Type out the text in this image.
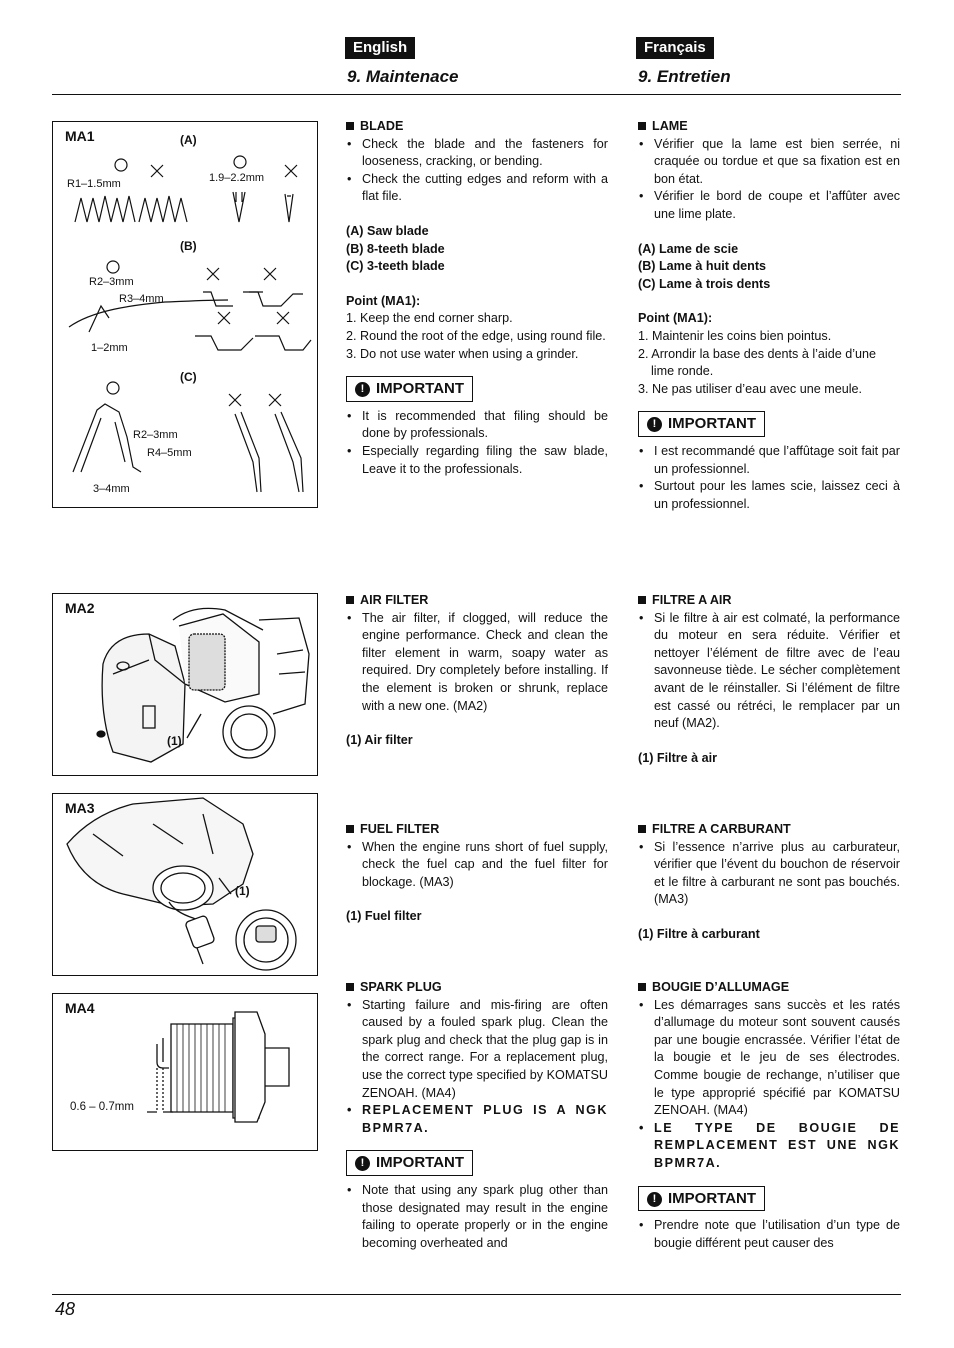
English	Français
9. Maintenace	9. Entretien
MA1	(A)
R1–1.5mm	1.9–2.2mm
(B)
R2–3mm
R3–4mm
1–2mm
(C)
R2–3mm
R4–5mm
3–4mm
MA2
(1)
MA3
(1)
MA4
0.6 – 0.7mm

BLADE

• Check the blade and the fasteners for looseness, cracking, or bending.
• Check the cutting edges and reform with a flat file.

(A) Saw blade

(B) 8-teeth blade

(C) 3-teeth blade

Point (MA1):

1. Keep the end corner sharp.

2. Round the root of the edge, using round file.

3. Do not use water when using a grinder.

! IMPORTANT
• It is recommended that filing should be done by professionals.
• Especially regarding filing the saw blade, Leave it to the professionals.

LAME

• Vérifier que la lame est bien serrée, ni craquée ou tordue et que sa fixation est en bon état.
• Vérifier le bord de coupe et l’affûter avec une lime plate.

(A) Lame de scie

(B) Lame à huit dents

(C) Lame à trois dents

Point (MA1):

1. Maintenir les coins bien pointus.

2. Arrondir la base des dents à l’aide d’une lime ronde.

3. Ne pas utiliser d’eau avec une meule.

! IMPORTANT
• I est recommandé que l’affûtage soit fait par un professionnel.
• Surtout pour les lames scie, laissez ceci à un professionnel.

AIR FILTER

• The air filter, if clogged, will reduce the engine performance. Check and clean the filter element in warm, soapy water as required. Dry completely before installing. If the element is broken or shrunk, replace with a new one. (MA2)

(1) Air filter

FILTRE A AIR

• Si le filtre à air est colmaté, la performance du moteur en sera réduite. Vérifier et nettoyer l’élément de filtre avec de l’eau savonneuse tiède. Le sécher complètement avant de le réinstaller. Si l’élément de filtre est cassé ou rétréci, le remplacer par un neuf (MA2).

(1) Filtre à air

FUEL FILTER

• When the engine runs short of fuel supply, check the fuel cap and the fuel filter for blockage. (MA3)

(1) Fuel filter

FILTRE A CARBURANT

• Si l’essence n’arrive plus au carburateur, vérifier que l’évent du bouchon de réservoir et le filtre à carburant ne sont pas bouchés. (MA3)

(1) Filtre à carburant

SPARK PLUG

• Starting failure and mis-firing are often caused by a fouled spark plug. Clean the spark plug and check that the plug gap is in the correct range. For a replacement plug, use the correct type specified by KOMATSU ZENOAH. (MA4)
• REPLACEMENT PLUG IS A NGK BPMR7A.
! IMPORTANT
• Note that using any spark plug other than those designated may result in the engine failing to operate properly or in the engine becoming overheated and

BOUGIE D’ALLUMAGE

• Les démarrages sans succès et les ratés d’allumage du moteur sont souvent causés par une bougie encrassée. Vérifier l’état de la bougie et le jeu de ses électrodes. Comme bougie de rechange, n’utiliser que le type approprié spécifié par KOMATSU ZENOAH. (MA4)
• LE TYPE DE BOUGIE DE REMPLACEMENT EST UNE NGK BPMR7A.
! IMPORTANT
• Prendre note que l’utilisation d’un type de bougie différent peut causer des
48
